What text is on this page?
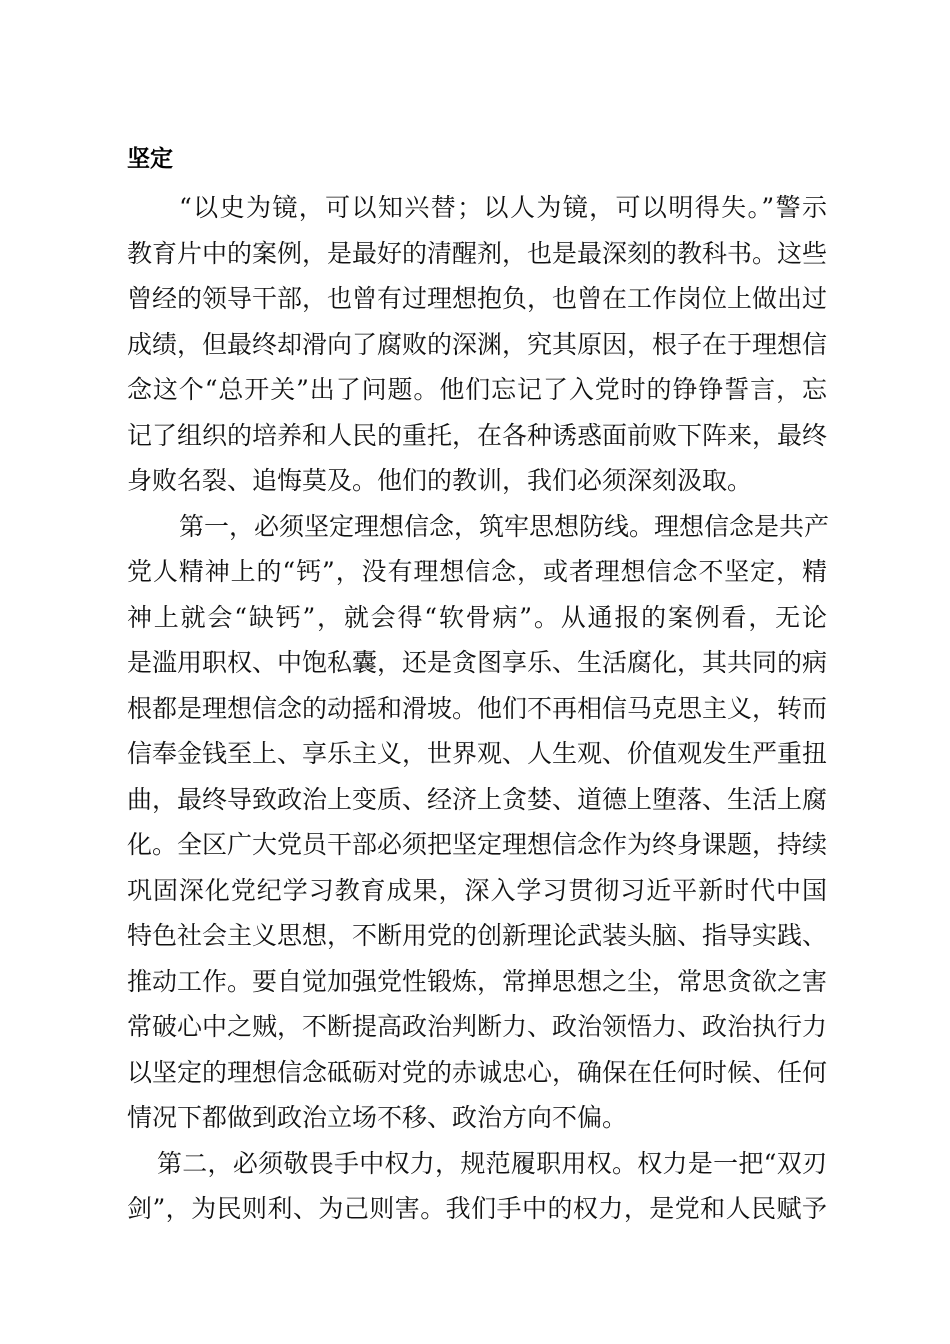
坚定
“以史为镜，可以知兴替；以人为镜，可以明得失。”警示
教育片中的案例，是最好的清醒剂，也是最深刻的教科书。这些
曾经的领导干部，也曾有过理想抱负，也曾在工作岗位上做出过
成绩，但最终却滑向了腐败的深渊，究其原因，根子在于理想信
念这个“总开关”出了问题。他们忘记了入党时的铮铮誓言，忘
记了组织的培养和人民的重托，在各种诱惑面前败下阵来，最终
身败名裂、追悔莫及。他们的教训，我们必须深刻汲取。
第一，必须坚定理想信念，筑牢思想防线。理想信念是共产
党人精神上的“钙”，没有理想信念，或者理想信念不坚定，精
神上就会“缺钙”，就会得“软骨病”。从通报的案例看，无论
是滥用职权、中饱私囊，还是贪图享乐、生活腐化，其共同的病
根都是理想信念的动摇和滑坡。他们不再相信马克思主义，转而
信奉金钱至上、享乐主义，世界观、人生观、价值观发生严重扭
曲，最终导致政治上变质、经济上贪婪、道德上堕落、生活上腐
化。全区广大党员干部必须把坚定理想信念作为终身课题，持续
巩固深化党纪学习教育成果，深入学习贯彻习近平新时代中国
特色社会主义思想，不断用党的创新理论武装头脑、指导实践、
推动工作。要自觉加强党性锻炼，常掸思想之尘，常思贪欲之害
常破心中之贼，不断提高政治判断力、政治领悟力、政治执行力
以坚定的理想信念砥砺对党的赤诚忠心，确保在任何时候、任何
情况下都做到政治立场不移、政治方向不偏。
第二，必须敬畏手中权力，规范履职用权。权力是一把“双刃
剑”，为民则利、为己则害。我们手中的权力，是党和人民赋予
